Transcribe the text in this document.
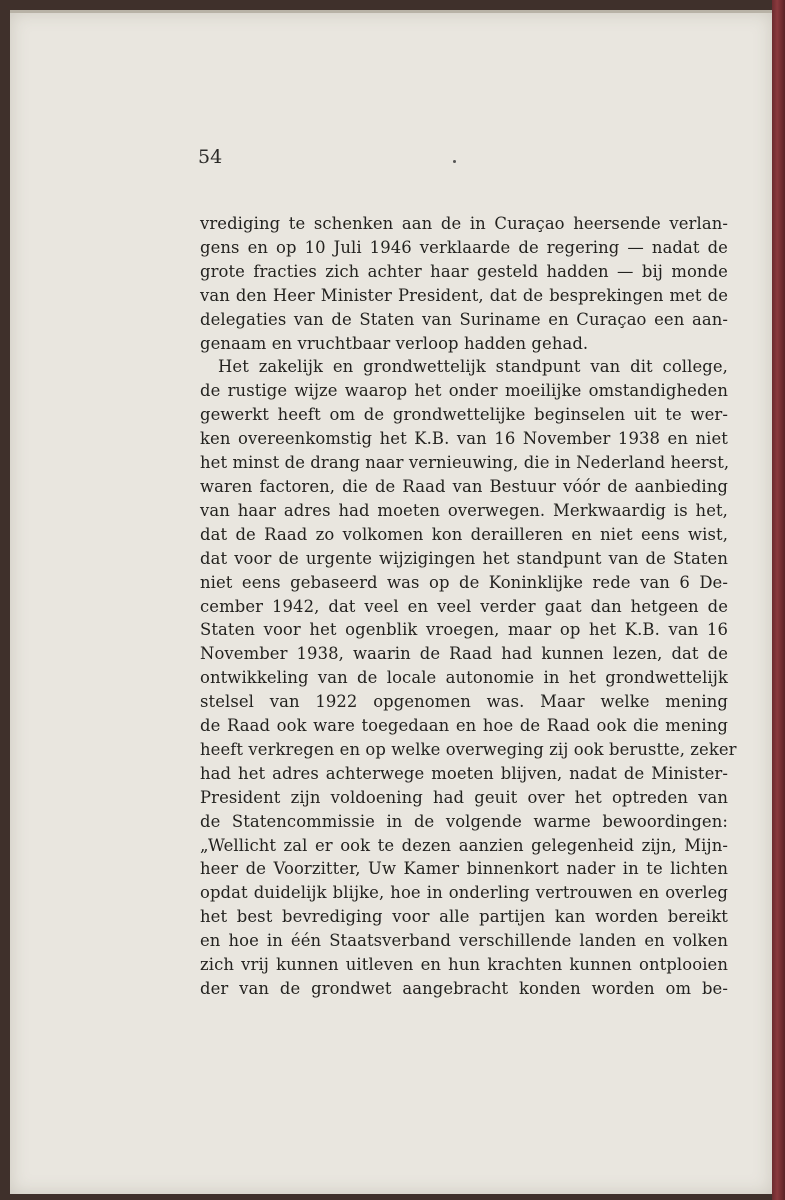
54
vrediging te schenken aan de in Curaçao heersende verlan-
gens en op 10 Juli 1946 verklaarde de regering — nadat de
grote fracties zich achter haar gesteld hadden — bij monde
van den Heer Minister President, dat de besprekingen met de
delegaties van de Staten van Suriname en Curaçao een aan-
genaam en vruchtbaar verloop hadden gehad.
Het zakelijk en grondwettelijk standpunt van dit college,
de rustige wijze waarop het onder moeilijke omstandigheden
gewerkt heeft om de grondwettelijke beginselen uit te wer-
ken overeenkomstig het K.B. van 16 November 1938 en niet
het minst de drang naar vernieuwing, die in Nederland heerst,
waren factoren, die de Raad van Bestuur vóór de aanbieding
van haar adres had moeten overwegen. Merkwaardig is het,
dat de Raad zo volkomen kon derailleren en niet eens wist,
dat voor de urgente wijzigingen het standpunt van de Staten
niet eens gebaseerd was op de Koninklijke rede van 6 De-
cember 1942, dat veel en veel verder gaat dan hetgeen de
Staten voor het ogenblik vroegen, maar op het K.B. van 16
November 1938, waarin de Raad had kunnen lezen, dat de
ontwikkeling van de locale autonomie in het grondwettelijk
stelsel van 1922 opgenomen was. Maar welke mening
de Raad ook ware toegedaan en hoe de Raad ook die mening
heeft verkregen en op welke overweging zij ook berustte, zeker
had het adres achterwege moeten blijven, nadat de Minister-
President zijn voldoening had geuit over het optreden van
de Statencommissie in de volgende warme bewoordingen:
„Wellicht zal er ook te dezen aanzien gelegenheid zijn, Mijn-
heer de Voorzitter, Uw Kamer binnenkort nader in te lichten
opdat duidelijk blijke, hoe in onderling vertrouwen en overleg
het best bevrediging voor alle partijen kan worden bereikt
en hoe in één Staatsverband verschillende landen en volken
zich vrij kunnen uitleven en hun krachten kunnen ontplooien
der van de grondwet aangebracht konden worden om be-
